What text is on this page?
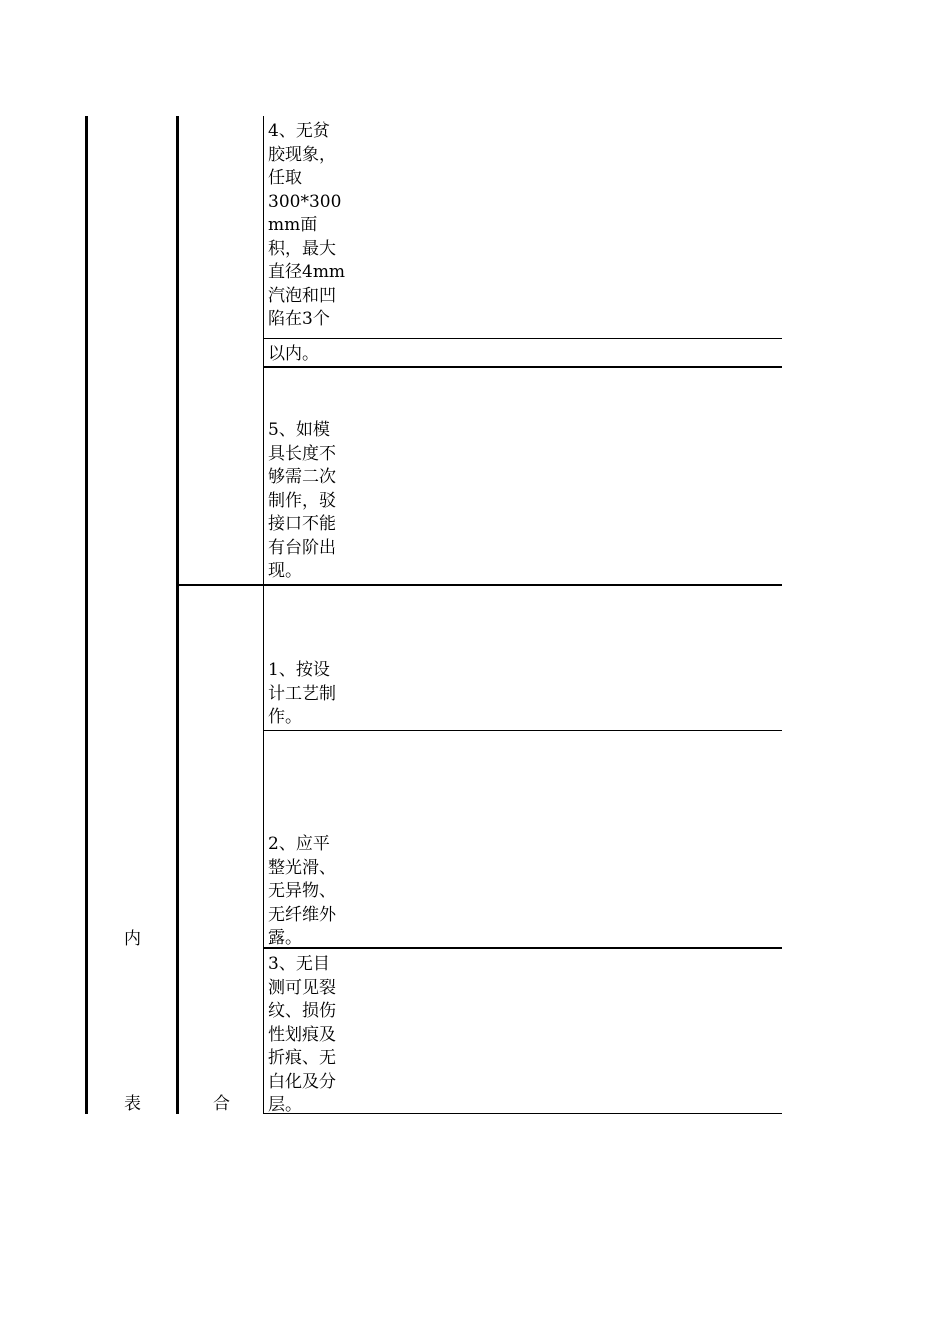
内
表	合
4、无贫
胶现象，
任取
300*300
mm面
积，最大
直径4mm
汽泡和凹
陷在3个
以内。
5、如模
具长度不
够需二次
制作，驳
接口不能
有台阶出
现。
1、按设
计工艺制
作。
2、应平
整光滑、
无异物、
无纤维外
露。
3、无目
测可见裂
纹、损伤
性划痕及
折痕、无
白化及分
层。
